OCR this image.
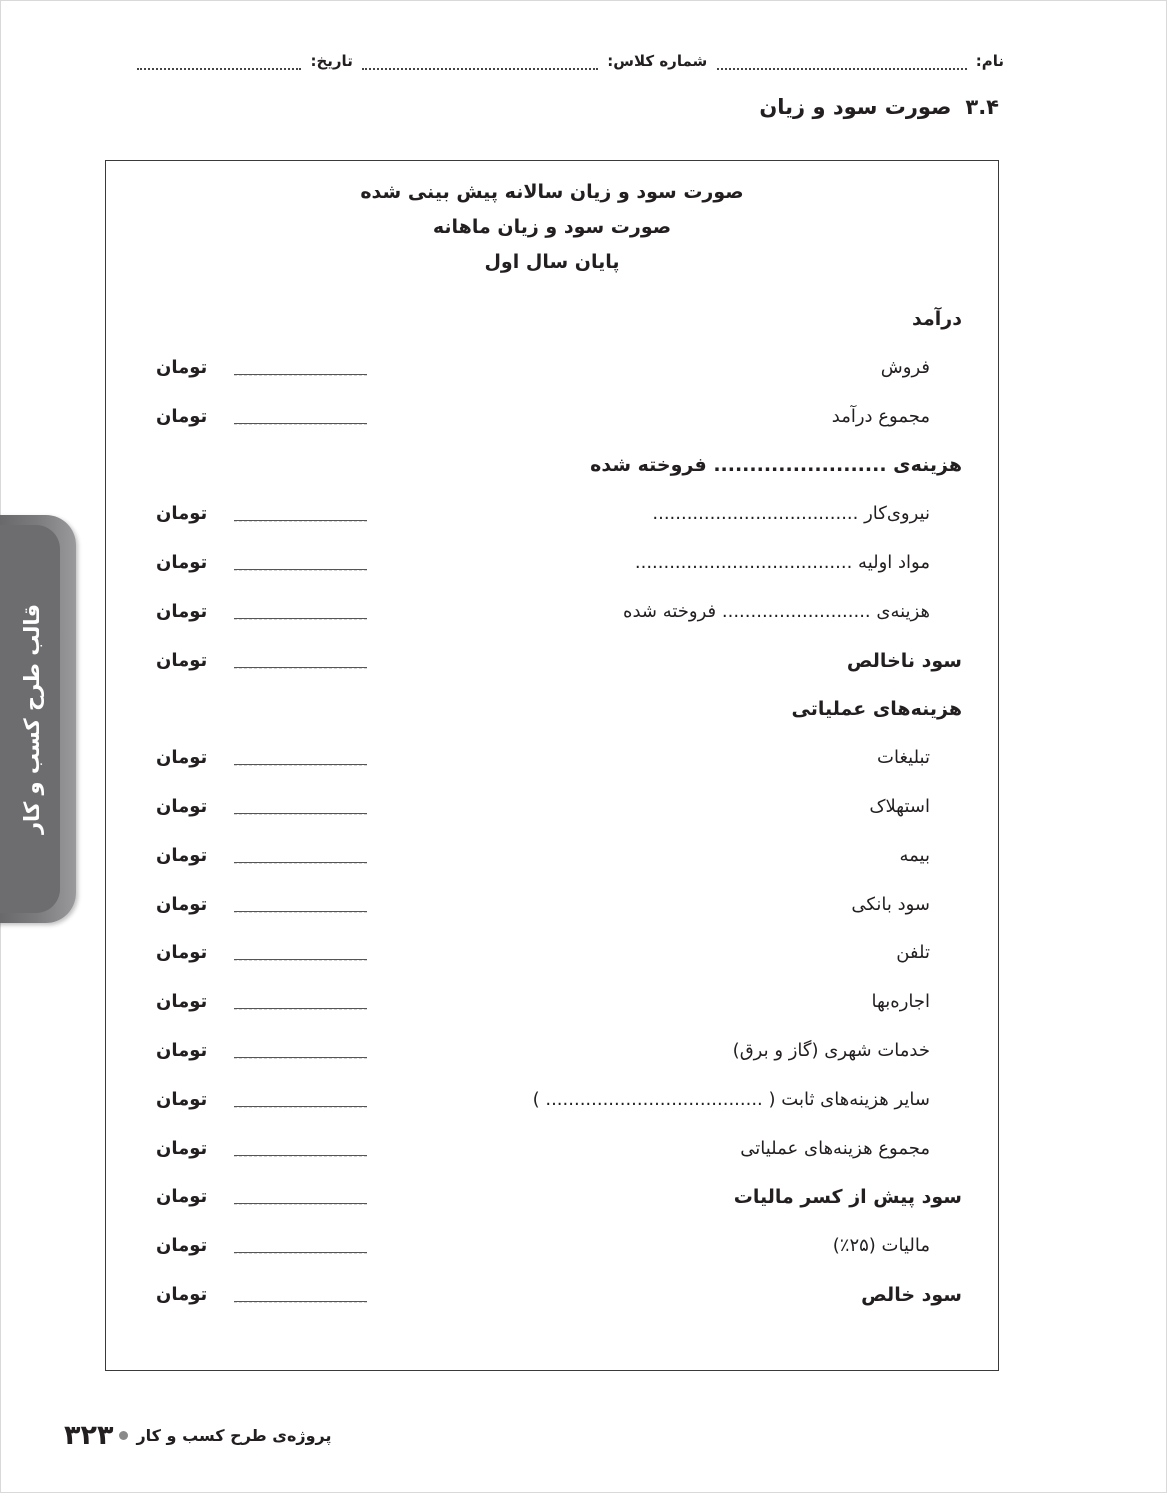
نام:  شماره کلاس:  تاریخ:
۳.۴صورت سود و زیان
قالب طرح کسب و کار
صورت سود و زیان سالانه پیش بینی شده
صورت سود و زیان ماهانه
پایان سال اول
درآمد
فروش
تومان
مجموع درآمد
تومان
هزینه‌ی ........................ فروخته شده
نیروی‌کار ....................................
تومان
مواد اولیه ......................................
تومان
هزینه‌ی .......................... فروخته شده
تومان
سود ناخالص
تومان
هزینه‌های عملیاتی
تبلیغات
تومان
استهلاک
تومان
بیمه
تومان
سود بانکی
تومان
تلفن
تومان
اجاره‌بها
تومان
خدمات شهری (گاز و برق)
تومان
سایر هزینه‌های ثابت ( ...................................... )
تومان
مجموع هزینه‌های عملیاتی
تومان
سود پیش از کسر مالیات
تومان
مالیات (۲۵٪)
تومان
سود خالص
تومان
۳۲۳ پروژه‌ی طرح کسب و کار
